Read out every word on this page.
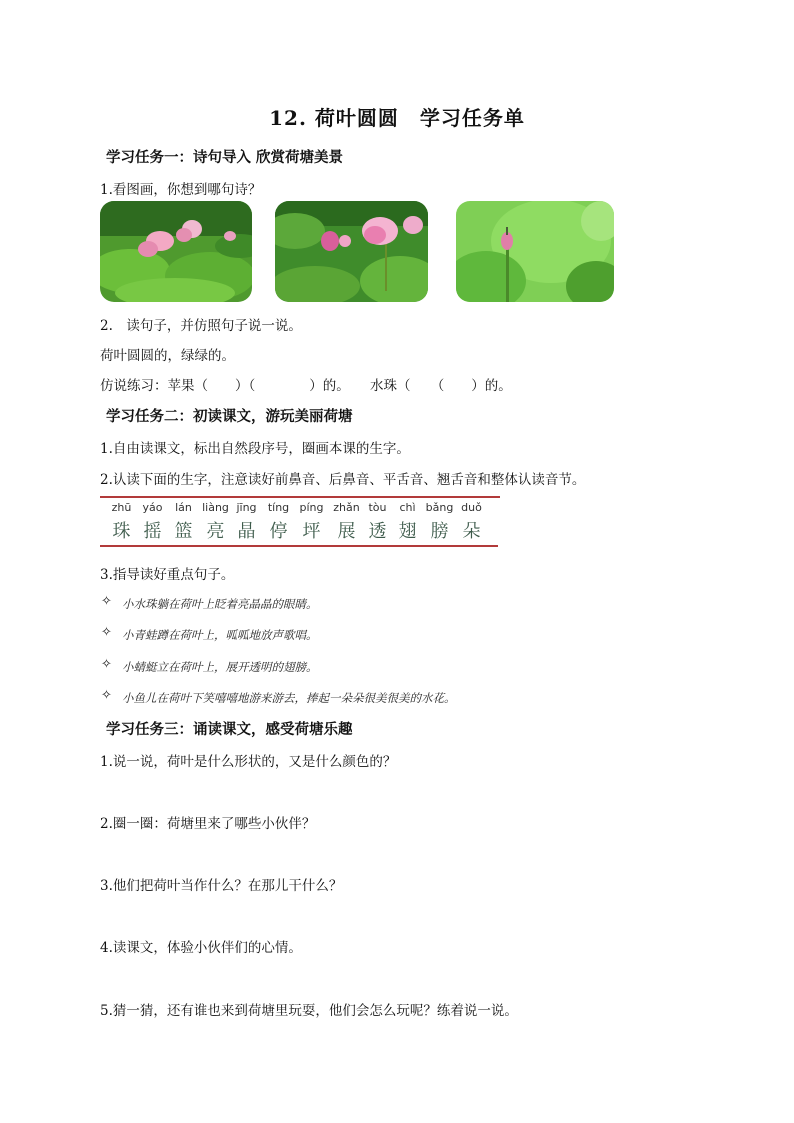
12. 荷叶圆圆　学习任务单
学习任务一：诗句导入 欣赏荷塘美景
1.看图画，你想到哪句诗？
2.　读句子，并仿照句子说一说。
荷叶圆圆的，绿绿的。
仿说练习：苹果（　　）（　　　　）的。　　水珠（　　（　　）的。
学习任务二：初读课文，游玩美丽荷塘
1.自由读课文，标出自然段序号，圈画本课的生字。
2.认读下面的生字，注意读好前鼻音、后鼻音、平舌音、翘舌音和整体认读音节。
zhū	yáo	lán liàng jīng	tíng píng zhǎn tòu	chì bǎng duǒ
珠 摇 篮 亮 晶 停 坪 展 透 翅 膀 朵
3.指导读好重点句子。
✧ 小水珠躺在荷叶上眨着亮晶晶的眼睛。
✧ 小青蛙蹲在荷叶上，呱呱地放声歌唱。
✧ 小蜻蜓立在荷叶上，展开透明的翅膀。
✧ 小鱼儿在荷叶下笑嘻嘻地游来游去，捧起一朵朵很美很美的水花。
学习任务三：诵读课文，感受荷塘乐趣
1.说一说，荷叶是什么形状的，又是什么颜色的？
2.圈一圈：荷塘里来了哪些小伙伴？
3.他们把荷叶当作什么？在那儿干什么？
4.读课文，体验小伙伴们的心情。
5.猜一猜，还有谁也来到荷塘里玩耍，他们会怎么玩呢？练着说一说。
